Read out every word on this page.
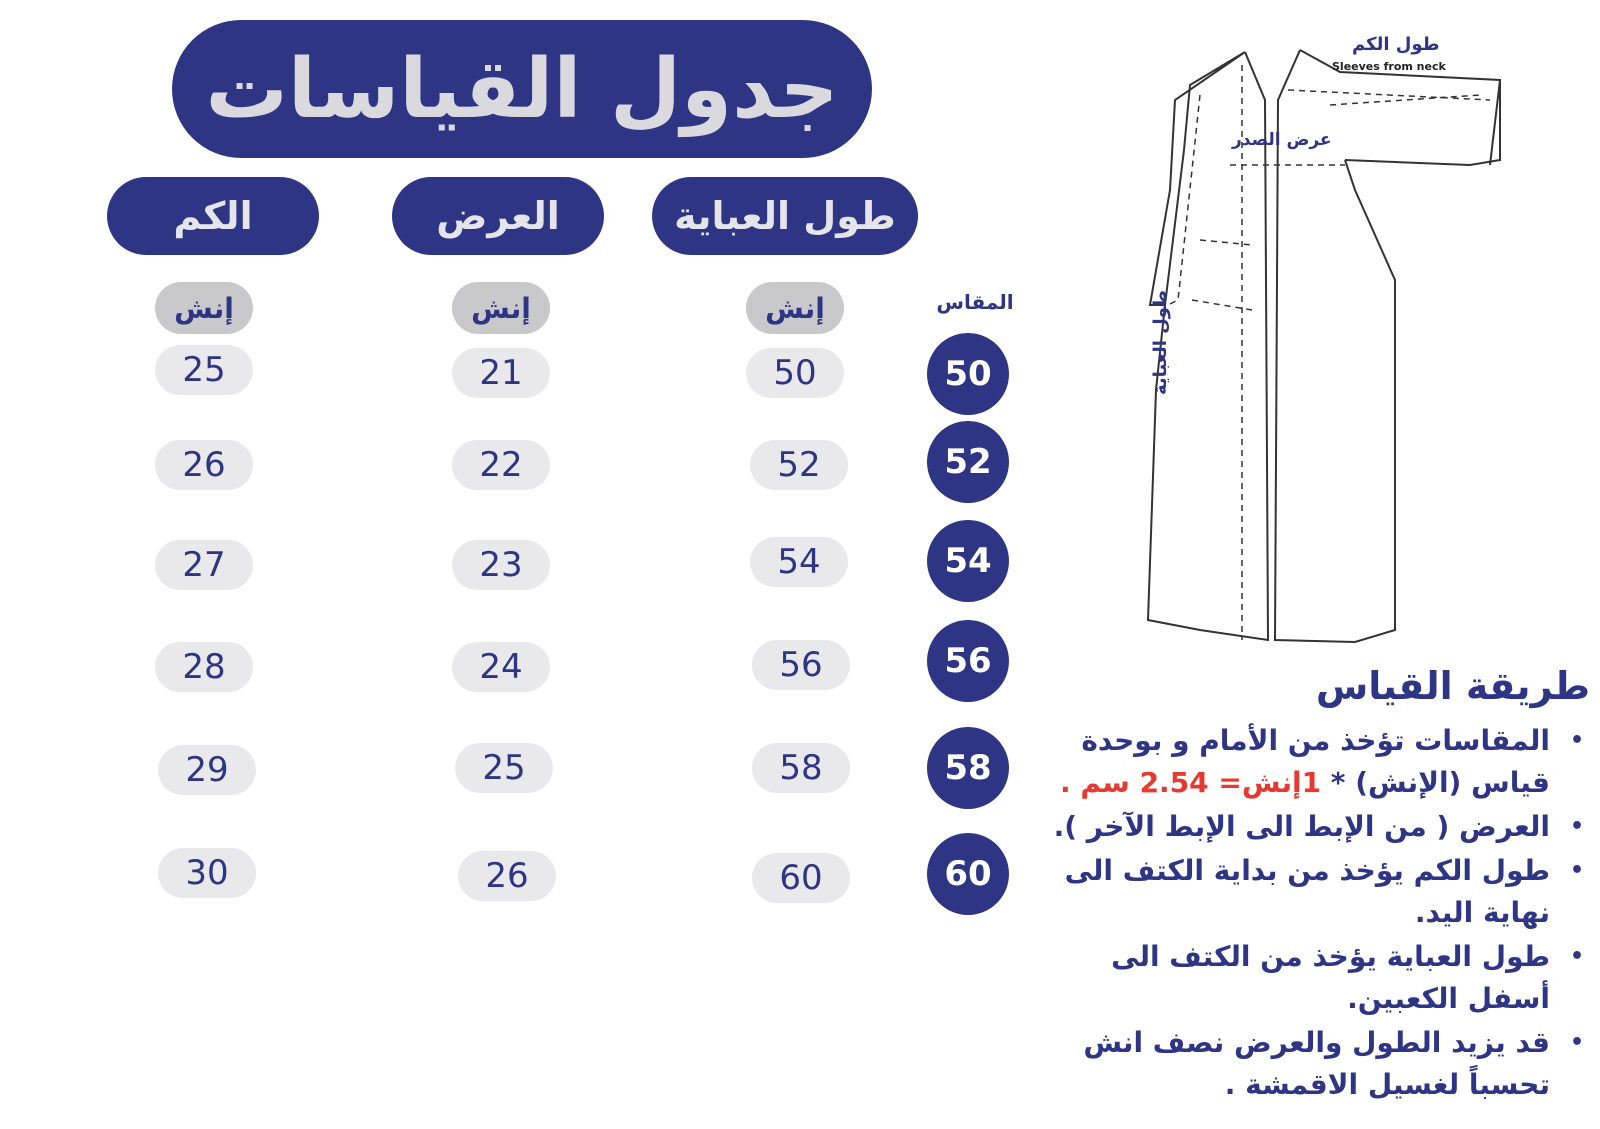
جدول القياسات
الكم	العرض	طول العباية
إنش	إنش	إنش	المقاس
25	21	50	50
26	22	52	52
27	23	54	54
28	24	56	56
29	25	58	58
30	26	60	60
طول الكم
Sleeves from neck
عرض الصدر
طول العباية
طريقة القياس
• المقاسات تؤخذ من الأمام و بوحدة قياس (الإنش) * 1إنش= 2.54 سم .
• العرض ( من الإبط الى الإبط الآخر ).
• طول الكم يؤخذ من بداية الكتف الى نهاية اليد.
• طول العباية يؤخذ من الكتف الى أسفل الكعبين.
• قد يزيد الطول والعرض نصف انش تحسباً لغسيل الاقمشة .
